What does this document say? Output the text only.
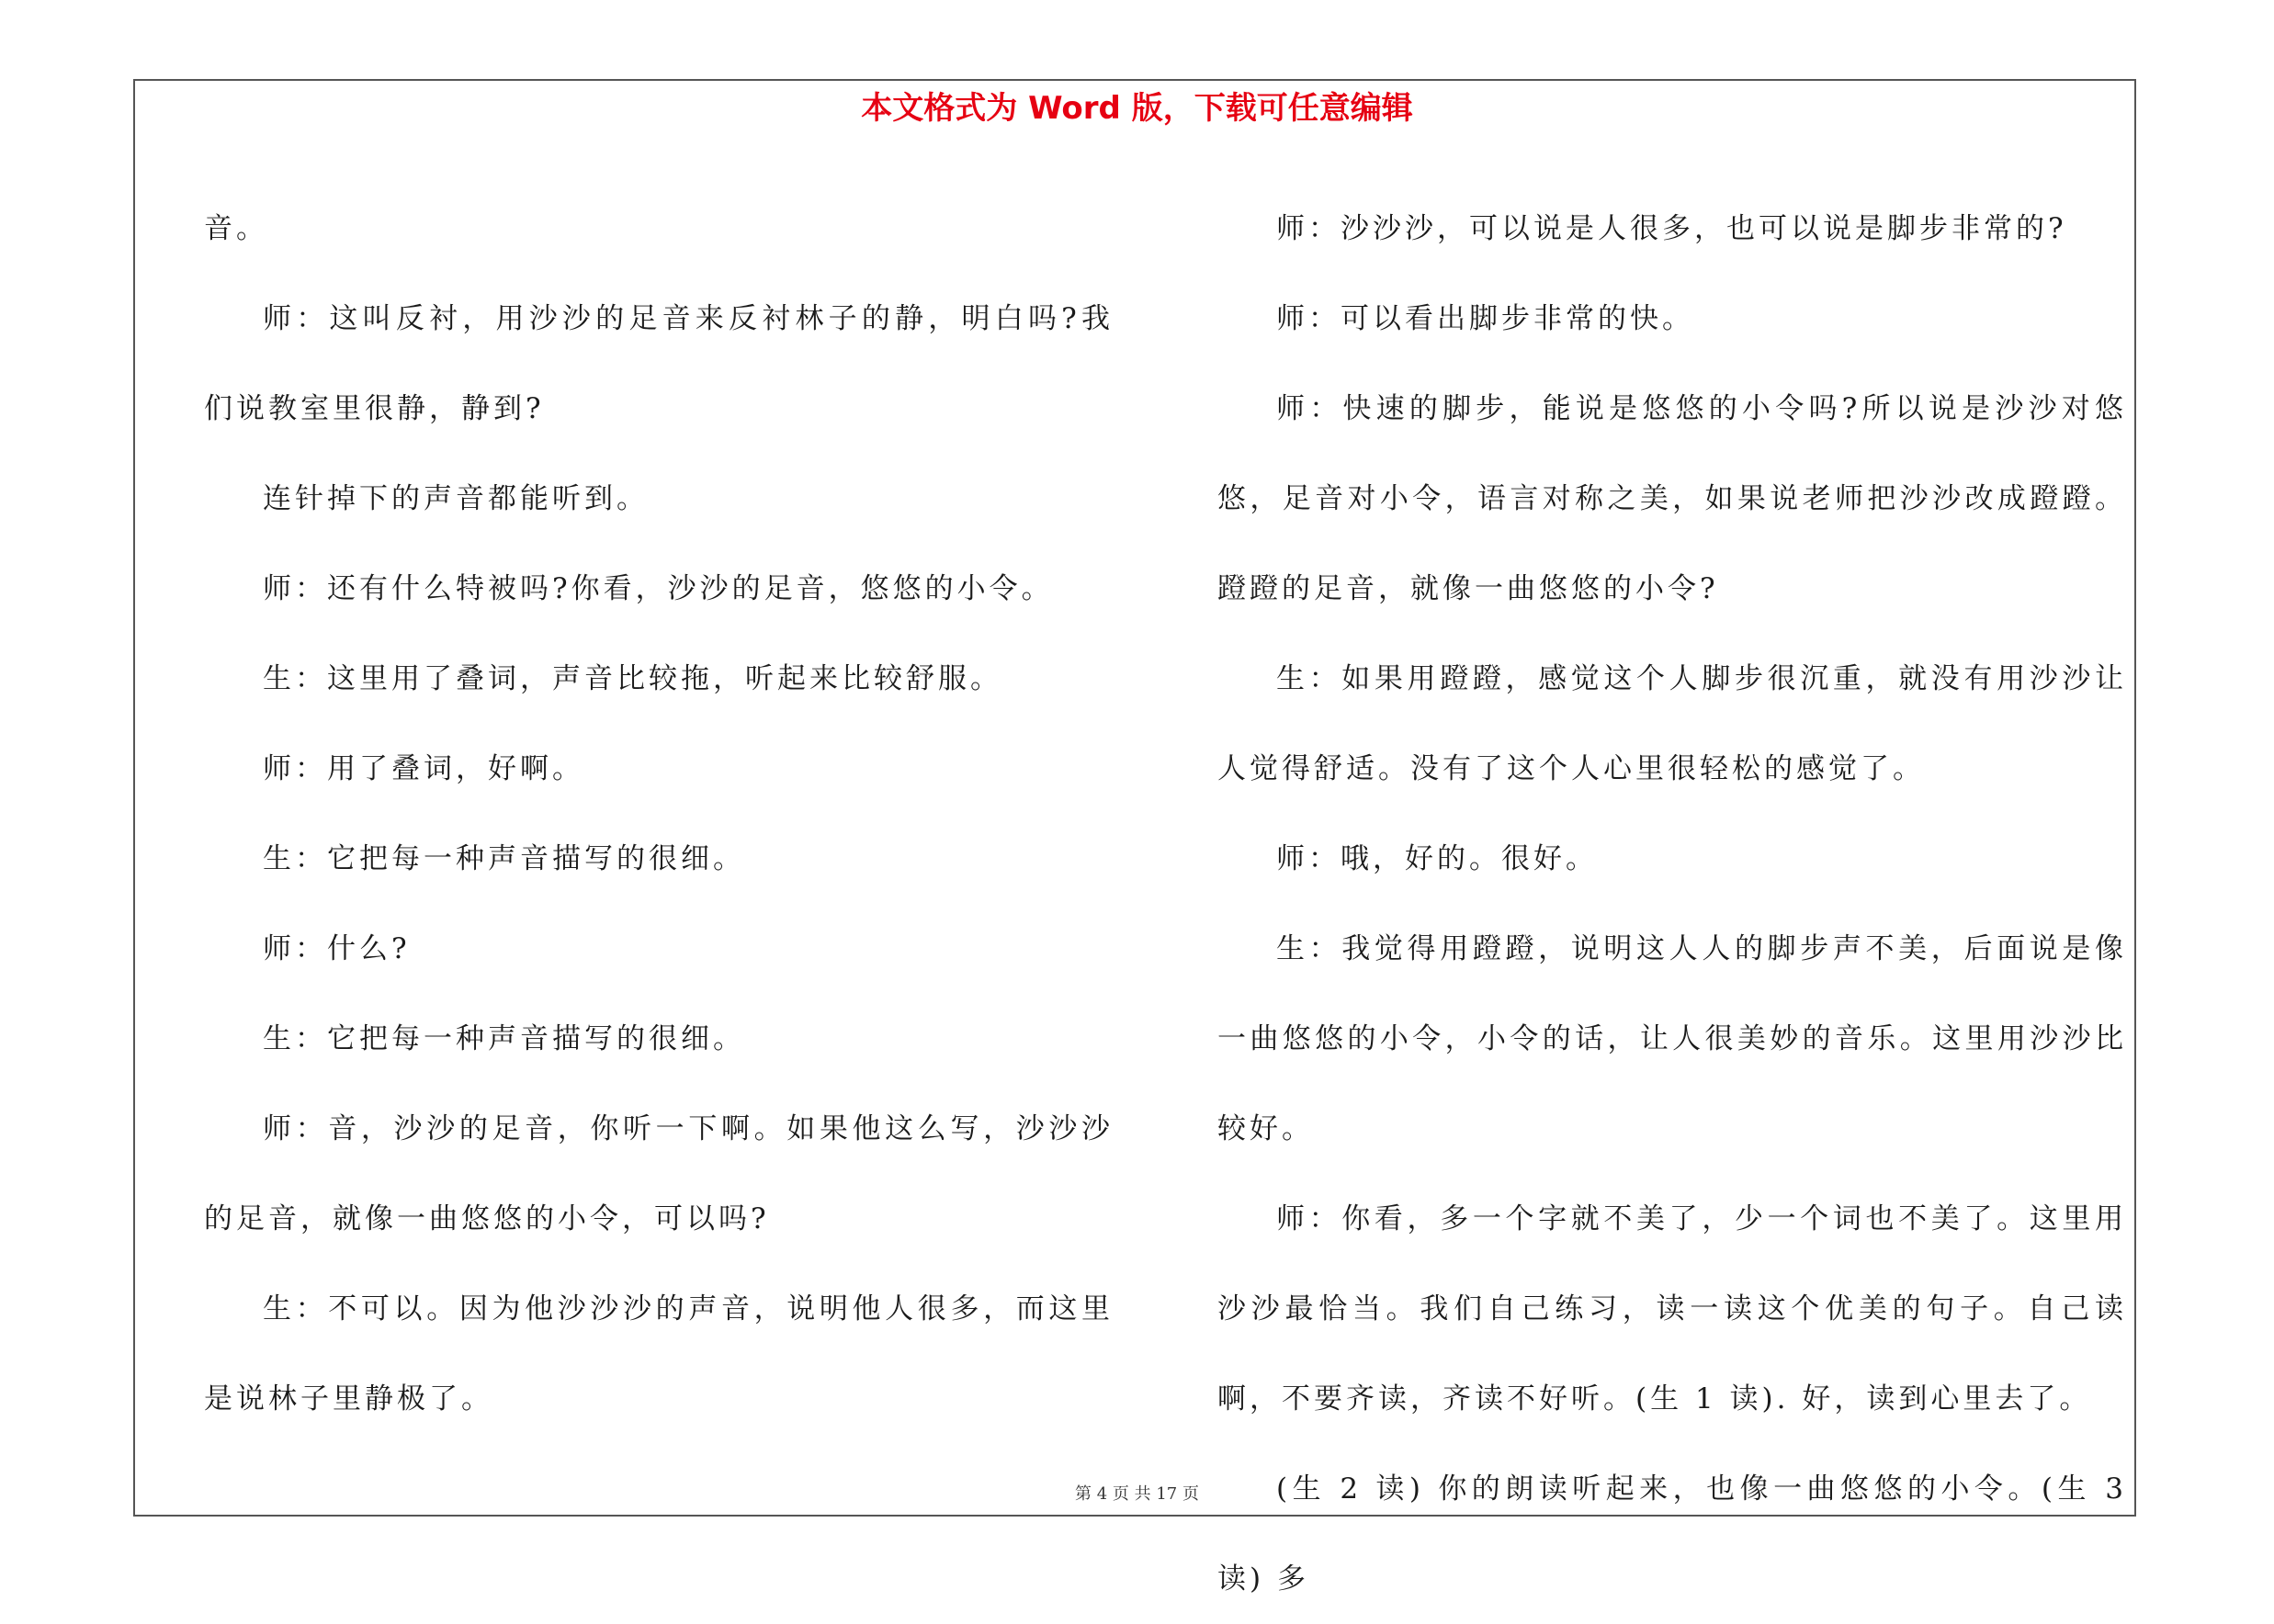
本文格式为 Word 版，下载可任意编辑

音。

师：这叫反衬，用沙沙的足音来反衬林子的静，明白吗?我们说教室里很静，静到?

连针掉下的声音都能听到。

师：还有什么特被吗?你看，沙沙的足音，悠悠的小令。

生：这里用了叠词，声音比较拖，听起来比较舒服。

师：用了叠词，好啊。

生：它把每一种声音描写的很细。

师：什么?

生：它把每一种声音描写的很细。

师：音，沙沙的足音，你听一下啊。如果他这么写，沙沙沙的足音，就像一曲悠悠的小令，可以吗?

生：不可以。因为他沙沙沙的声音，说明他人很多，而这里是说林子里静极了。

师：沙沙沙，可以说是人很多，也可以说是脚步非常的?

师：可以看出脚步非常的快。

师：快速的脚步，能说是悠悠的小令吗?所以说是沙沙对悠悠，足音对小令，语言对称之美，如果说老师把沙沙改成蹬蹬。蹬蹬的足音，就像一曲悠悠的小令?

生：如果用蹬蹬，感觉这个人脚步很沉重，就没有用沙沙让人觉得舒适。没有了这个人心里很轻松的感觉了。

师：哦，好的。很好。

生：我觉得用蹬蹬，说明这人人的脚步声不美，后面说是像一曲悠悠的小令，小令的话，让人很美妙的音乐。这里用沙沙比较好。

师：你看，多一个字就不美了，少一个词也不美了。这里用沙沙最恰当。我们自己练习，读一读这个优美的句子。自己读啊，不要齐读，齐读不好听。(生 1 读). 好，读到心里去了。

(生 2 读) 你的朗读听起来，也像一曲悠悠的小令。(生 3 读) 多

第 4 页 共 17 页
